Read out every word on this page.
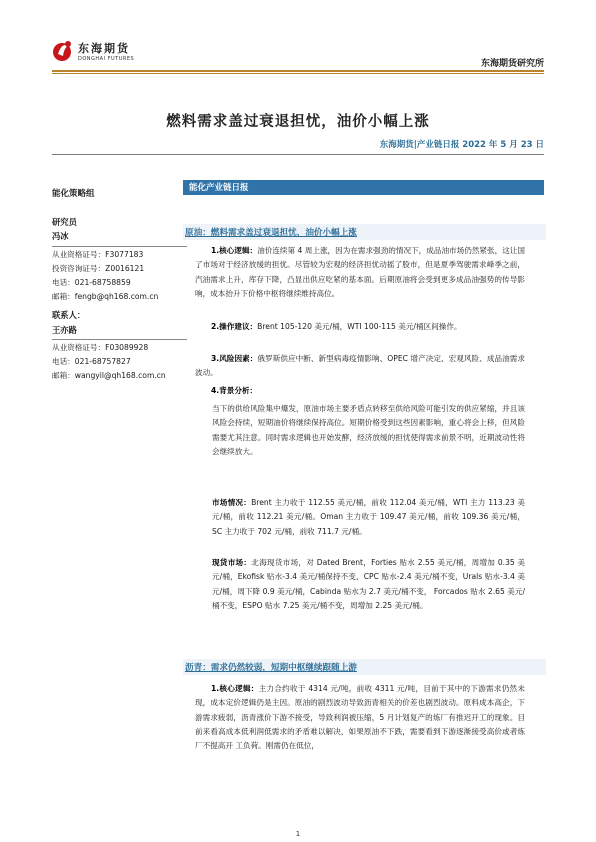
东海期货
DONGHAI FUTURES	东海期货研究所
燃料需求盖过衰退担忧，油价小幅上涨
东海期货|产业链日报 2022 年 5 月 23 日
能化策略组
研究员
冯冰
从业资格证号：F3077183
投资咨询证号：Z0016121
电话：021-68758859
邮箱：fengb@qh168.com.cn
联系人：
王亦路
从业资格证号：F03089928
电话：021-68757827
邮箱：wangyil@qh168.com.cn
能化产业链日报
原油：燃料需求盖过衰退担忧，油价小幅上涨
1.核心逻辑：油价连续第 4 周上涨，因为在需求强劲的情况下，成品油市场仍然紧张，这让国了市场对于经济放缓的担忧。尽管较为宏观的经济担忧动摇了股市，但是夏季驾驶需求峰季之前，汽油需求上升，库存下降，凸显出供应吃紧的基本面。后期原油将会受到更多成品油强势的传导影响，成本抬升下价格中枢将继续维持高位。
2.操作建议：Brent 105-120 美元/桶，WTI 100-115 美元/桶区间操作。
3.风险因素：俄罗斯供应中断、新型病毒疫情影响、OPEC 增产决定、宏观风险、成品油需求波动。
4.背景分析：
当下的供给风险集中爆发，原油市场主要矛盾点转移至供给风险可能引发的供应紧缩，并且该风险会持续，短期油价将继续保持高位。短期价格受到这些因素影响，重心将会上移，但风险需要尤其注意。同时需求逻辑也开始发酵，经济放缓的担忧使得需求前景不明，近期波动性将会继续放大。
市场情况：Brent 主力收于 112.55 美元/桶，前收 112.04 美元/桶，WTI 主力 113.23 美元/桶，前收 112.21 美元/桶。Oman 主力收于 109.47 美元/桶，前收 109.36 美元/桶，SC 主力收于 702 元/桶，前收 711.7 元/桶。
现货市场：北海现货市场，对 Dated Brent，Forties 贴水 2.55 美元/桶，周增加 0.35 美元/桶，Ekofisk 贴水-3.4 美元/桶保持不变，CPC 贴水-2.4 美元/桶不变，Urals 贴水-3.4 美元/桶，周下降 0.9 美元/桶，Cabinda 贴水为 2.7 美元/桶不变， Forcados 贴水 2.65 美元/桶不变，ESPO 贴水 7.25 美元/桶不变，周增加 2.25 美元/桶。
沥青：需求仍然较弱，短期中枢继续跟随上游
1.核心逻辑：主力合约收于 4314 元/吨，前收 4311 元/吨，目前于其中的下游需求仍然未现，成本定价逻辑仍是主因。原油的剧烈波动导致沥青相关的价差也剧烈波动。原料成本高企，下游需求疲弱，沥青涨价下游不接受，导致利润被压缩，5 月计划复产的炼厂有推迟开工的现象。目前来看高成本低利润低需求的矛盾难以解决，如果原油不下跌，需要看到下游逐渐接受高价或者炼厂不提高开 工负荷。刚需仍在低位，
1
